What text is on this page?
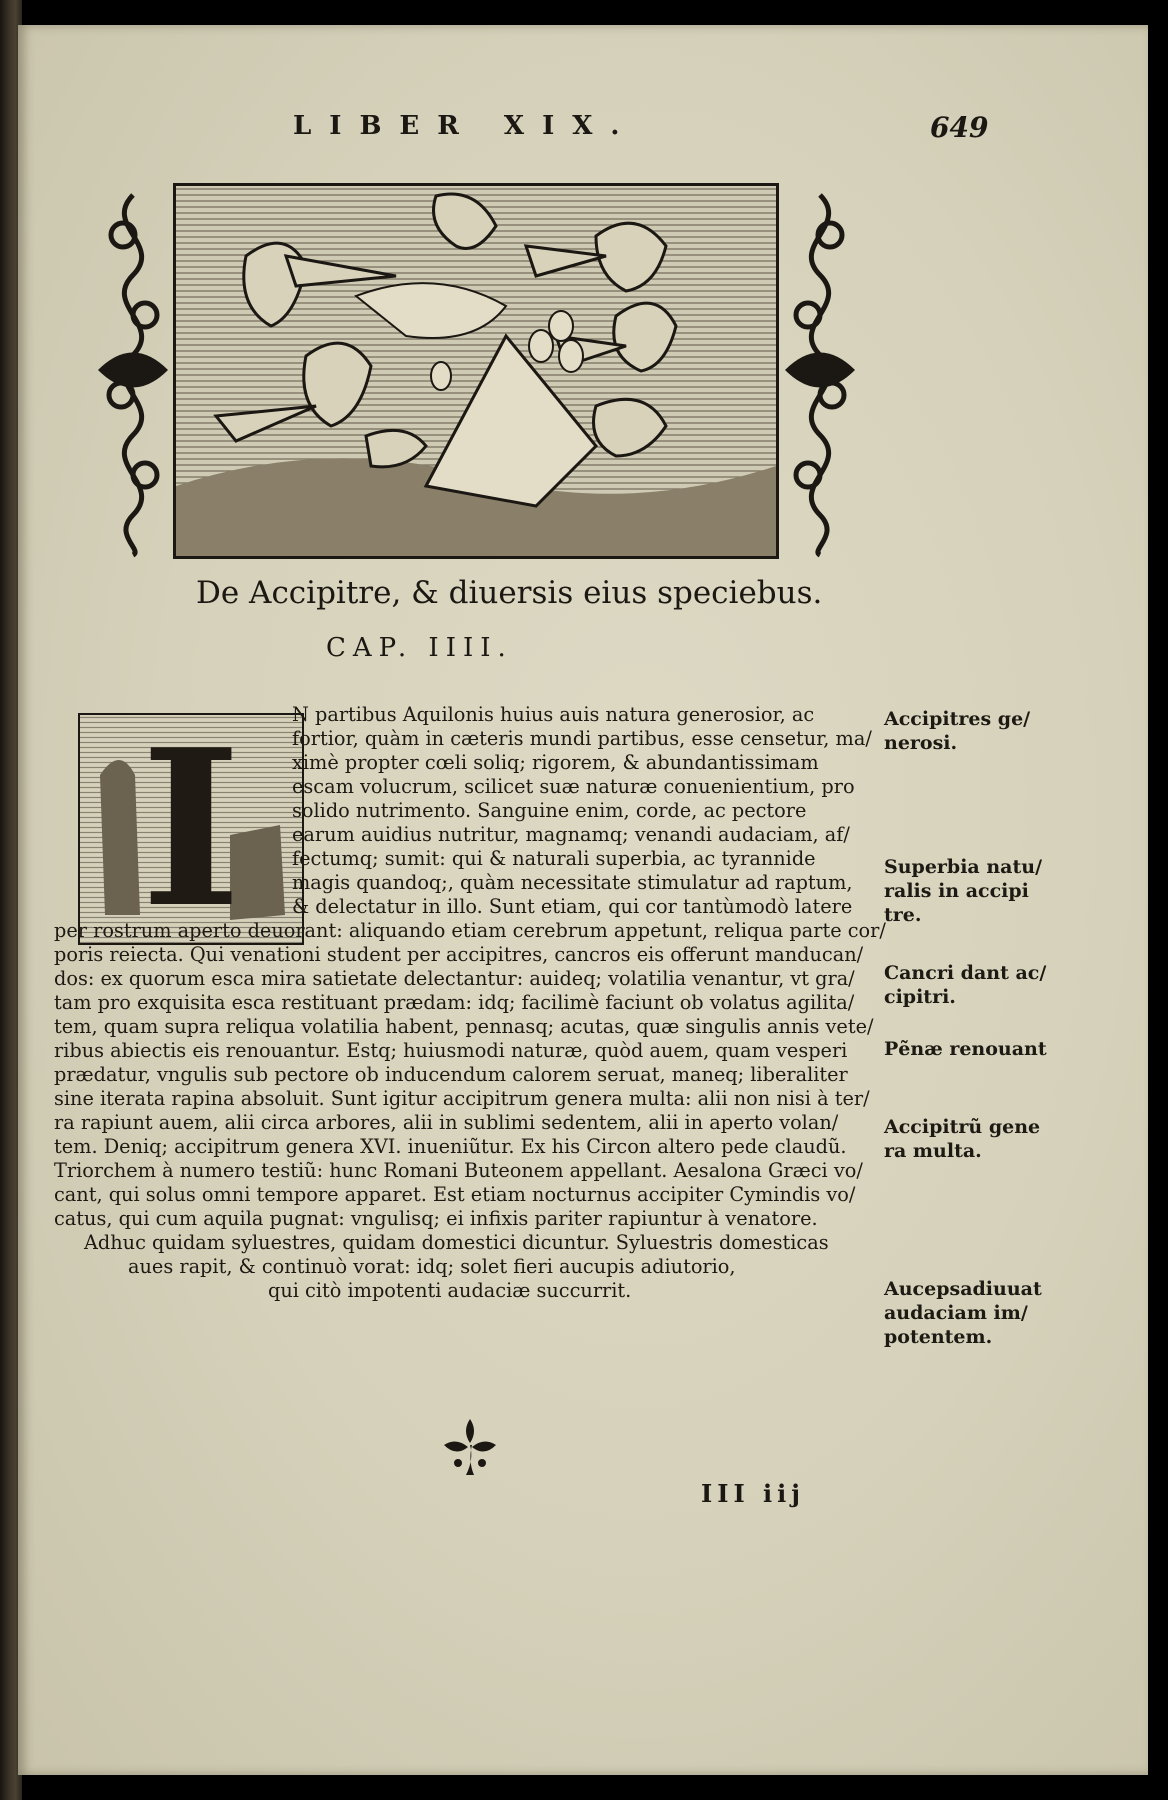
LIBER XIX.	649
De Accipitre, & diuersis eius speciebus.
CAP. IIII.
I	N partibus Aquilonis huius auis natura generosior, ac
fortior, quàm in cæteris mundi partibus, esse censetur, ma/
ximè propter cœli soliq; rigorem, & abundantissimam
escam volucrum, scilicet suæ naturæ conuenientium, pro
solido nutrimento. Sanguine enim, corde, ac pectore
earum auidius nutritur, magnamq; venandi audaciam, af/
fectumq; sumit: qui & naturali superbia, ac tyrannide
magis quandoq;, quàm necessitate stimulatur ad raptum,
& delectatur in illo. Sunt etiam, qui cor tantùmodò latere
per rostrum aperto deuorant: aliquando etiam cerebrum appetunt, reliqua parte cor/
poris reiecta. Qui venationi student per accipitres, cancros eis offerunt manducan/
dos: ex quorum esca mira satietate delectantur: auideq; volatilia venantur, vt gra/
tam pro exquisita esca restituant prædam: idq; facilimè faciunt ob volatus agilita/
tem, quam supra reliqua volatilia habent, pennasq; acutas, quæ singulis annis vete/
ribus abiectis eis renouantur. Estq; huiusmodi naturæ, quòd auem, quam vesperi
prædatur, vngulis sub pectore ob inducendum calorem seruat, maneq; liberaliter
sine iterata rapina absoluit. Sunt igitur accipitrum genera multa: alii non nisi à ter/
ra rapiunt auem, alii circa arbores, alii in sublimi sedentem, alii in aperto volan/
tem. Deniq; accipitrum genera XVI. inueniũtur. Ex his Circon altero pede claudũ.
Triorchem à numero testiũ: hunc Romani Buteonem appellant. Aesalona Græci vo/
cant, qui solus omni tempore apparet. Est etiam nocturnus accipiter Cymindis vo/
catus, qui cum aquila pugnat: vngulisq; ei infixis pariter rapiuntur à venatore.
Adhuc quidam syluestres, quidam domestici dicuntur. Syluestris domesticas
aues rapit, & continuò vorat: idq; solet fieri aucupis adiutorio,
qui citò impotenti audaciæ succurrit.
Accipitres ge/
nerosi.
Superbia natu/
ralis in accipi
tre.
Cancri dant ac/
cipitri.
Pẽnæ renouant
Accipitrũ gene
ra multa.
Aucepsadiuuat
audaciam im/
potentem.
III iij
